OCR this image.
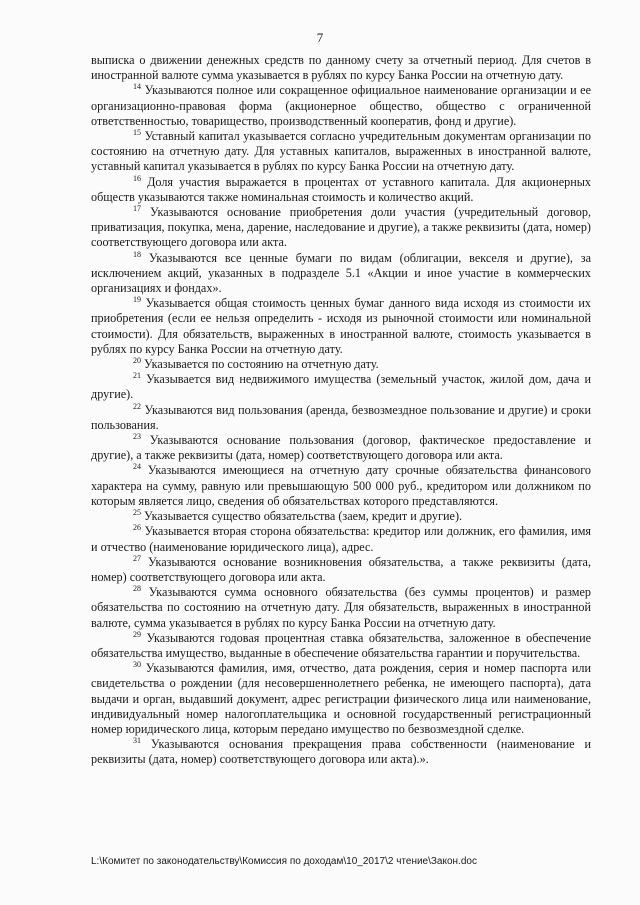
7

выписка о движении денежных средств по данному счету за отчетный период. Для счетов в иностранной валюте сумма указывается в рублях по курсу Банка России на отчетную дату.

$^{14}$ Указываются полное или сокращенное официальное наименование организации и ее организационно-правовая форма (акционерное общество, общество с ограниченной ответственностью, товарищество, производственный кооператив, фонд и другие).

$^{15}$ Уставный капитал указывается согласно учредительным документам организации по состоянию на отчетную дату. Для уставных капиталов, выраженных в иностранной валюте, уставный капитал указывается в рублях по курсу Банка России на отчетную дату.

$^{16}$ Доля участия выражается в процентах от уставного капитала. Для акционерных обществ указываются также номинальная стоимость и количество акций.

$^{17}$ Указываются основание приобретения доли участия (учредительный договор, приватизация, покупка, мена, дарение, наследование и другие), а также реквизиты (дата, номер) соответствующего договора или акта.

$^{18}$ Указываются все ценные бумаги по видам (облигации, векселя и другие), за исключением акций, указанных в подразделе 5.1 «Акции и иное участие в коммерческих организациях и фондах».

$^{19}$ Указывается общая стоимость ценных бумаг данного вида исходя из стоимости их приобретения (если ее нельзя определить - исходя из рыночной стоимости или номинальной стоимости). Для обязательств, выраженных в иностранной валюте, стоимость указывается в рублях по курсу Банка России на отчетную дату.

$^{20}$ Указывается по состоянию на отчетную дату.

$^{21}$ Указывается вид недвижимого имущества (земельный участок, жилой дом, дача и другие).

$^{22}$ Указываются вид пользования (аренда, безвозмездное пользование и другие) и сроки пользования.

$^{23}$ Указываются основание пользования (договор, фактическое предоставление и другие), а также реквизиты (дата, номер) соответствующего договора или акта.

$^{24}$ Указываются имеющиеся на отчетную дату срочные обязательства финансового характера на сумму, равную или превышающую 500 000 руб., кредитором или должником по которым является лицо, сведения об обязательствах которого представляются.

$^{25}$ Указывается существо обязательства (заем, кредит и другие).

$^{26}$ Указывается вторая сторона обязательства: кредитор или должник, его фамилия, имя и отчество (наименование юридического лица), адрес.

$^{27}$ Указываются основание возникновения обязательства, а также реквизиты (дата, номер) соответствующего договора или акта.

$^{28}$ Указываются сумма основного обязательства (без суммы процентов) и размер обязательства по состоянию на отчетную дату. Для обязательств, выраженных в иностранной валюте, сумма указывается в рублях по курсу Банка России на отчетную дату.

$^{29}$ Указываются годовая процентная ставка обязательства, заложенное в обеспечение обязательства имущество, выданные в обеспечение обязательства гарантии и поручительства.

$^{30}$ Указываются фамилия, имя, отчество, дата рождения, серия и номер паспорта или свидетельства о рождении (для несовершеннолетнего ребенка, не имеющего паспорта), дата выдачи и орган, выдавший документ, адрес регистрации физического лица или наименование, индивидуальный номер налогоплательщика и основной государственный регистрационный номер юридического лица, которым передано имущество по безвозмездной сделке.

$^{31}$ Указываются основания прекращения права собственности (наименование и реквизиты (дата, номер) соответствующего договора или акта).».

L:\Комитет по законодательству\Комиссия по доходам\10_2017\2 чтение\Закон.doc
